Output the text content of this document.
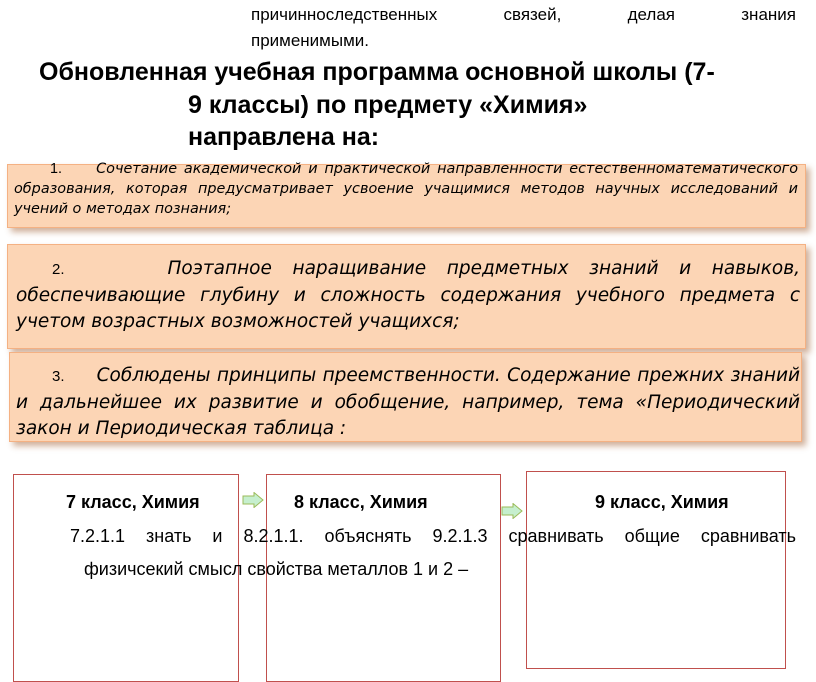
причинноследственных связей, делая знания
применимыми.
Обновленная учебная программа основной школы (7-
9 классы) по предмету «Химия»
направлена на:

1. Сочетание академической и практической направленности естественноматематического образования, которая предусматривает усвоение учащимися методов научных исследований и учений о методах познания;

2.	Поэтапное наращивание предметных знаний и навыков, обеспечивающие глубину и сложность содержания учебного предмета с учетом возрастных возможностей учащихся;

3. Соблюдены принципы преемственности. Содержание прежних знаний и дальнейшее их развитие и обобщение, например, тема «Периодический закон и Периодическая таблица :

7 класс, Химия	8 класс, Химия	9 класс, Химия
7.2.1.1 знать и 8.2.1.1. объяснять 9.2.1.3 сравнивать общие сравнивать
физичсекий смысл свойства металлов 1 и 2 –
